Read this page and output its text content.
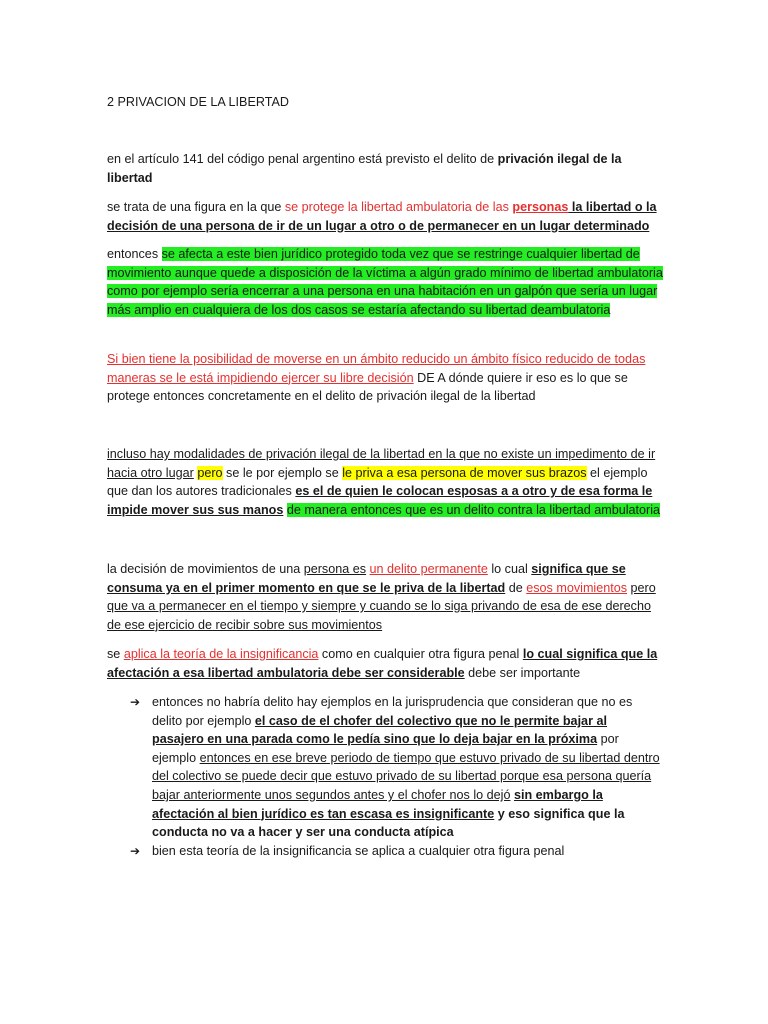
2 PRIVACION DE LA LIBERTAD

en el artículo 141 del código penal argentino está previsto el delito de privación ilegal de la libertad

se trata de una figura en la que se protege la libertad ambulatoria de las personas la libertad o la decisión de una persona de ir de un lugar a otro o de permanecer en un lugar determinado

entonces se afecta a este bien jurídico protegido toda vez que se restringe cualquier libertad de movimiento aunque quede a disposición de la víctima a algún grado mínimo de libertad ambulatoria como por ejemplo sería encerrar a una persona en una habitación en un galpón que sería un lugar más amplio en cualquiera de los dos casos se estaría afectando su libertad deambulatoria

Si bien tiene la posibilidad de moverse en un ámbito reducido un ámbito físico reducido de todas maneras se le está impidiendo ejercer su libre decisión DE A dónde quiere ir eso es lo que se protege entonces concretamente en el delito de privación ilegal de la libertad

incluso hay modalidades de privación ilegal de la libertad en la que no existe un impedimento de ir hacia otro lugar pero se le por ejemplo se le priva a esa persona de mover sus brazos el ejemplo que dan los autores tradicionales es el de quien le colocan esposas a a otro y de esa forma le impide mover sus sus manos de manera entonces que es un delito contra la libertad ambulatoria

la decisión de movimientos de una persona es un delito permanente lo cual significa que se consuma ya en el primer momento en que se le priva de la libertad de esos movimientos pero que va a permanecer en el tiempo y siempre y cuando se lo siga privando de esa de ese derecho de ese ejercicio de recibir sobre sus movimientos

se aplica la teoría de la insignificancia como en cualquier otra figura penal lo cual significa que la afectación a esa libertad ambulatoria debe ser considerable debe ser importante

➔ entonces no habría delito hay ejemplos en la jurisprudencia que consideran que no es delito por ejemplo el caso de el chofer del colectivo que no le permite bajar al pasajero en una parada como le pedía sino que lo deja bajar en la próxima por ejemplo entonces en ese breve periodo de tiempo que estuvo privado de su libertad dentro del colectivo se puede decir que estuvo privado de su libertad porque esa persona quería bajar anteriormente unos segundos antes y el chofer nos lo dejó sin embargo la afectación al bien jurídico es tan escasa es insignificante y eso significa que la conducta no va a hacer y ser una conducta atípica
➔ bien esta teoría de la insignificancia se aplica a cualquier otra figura penal
